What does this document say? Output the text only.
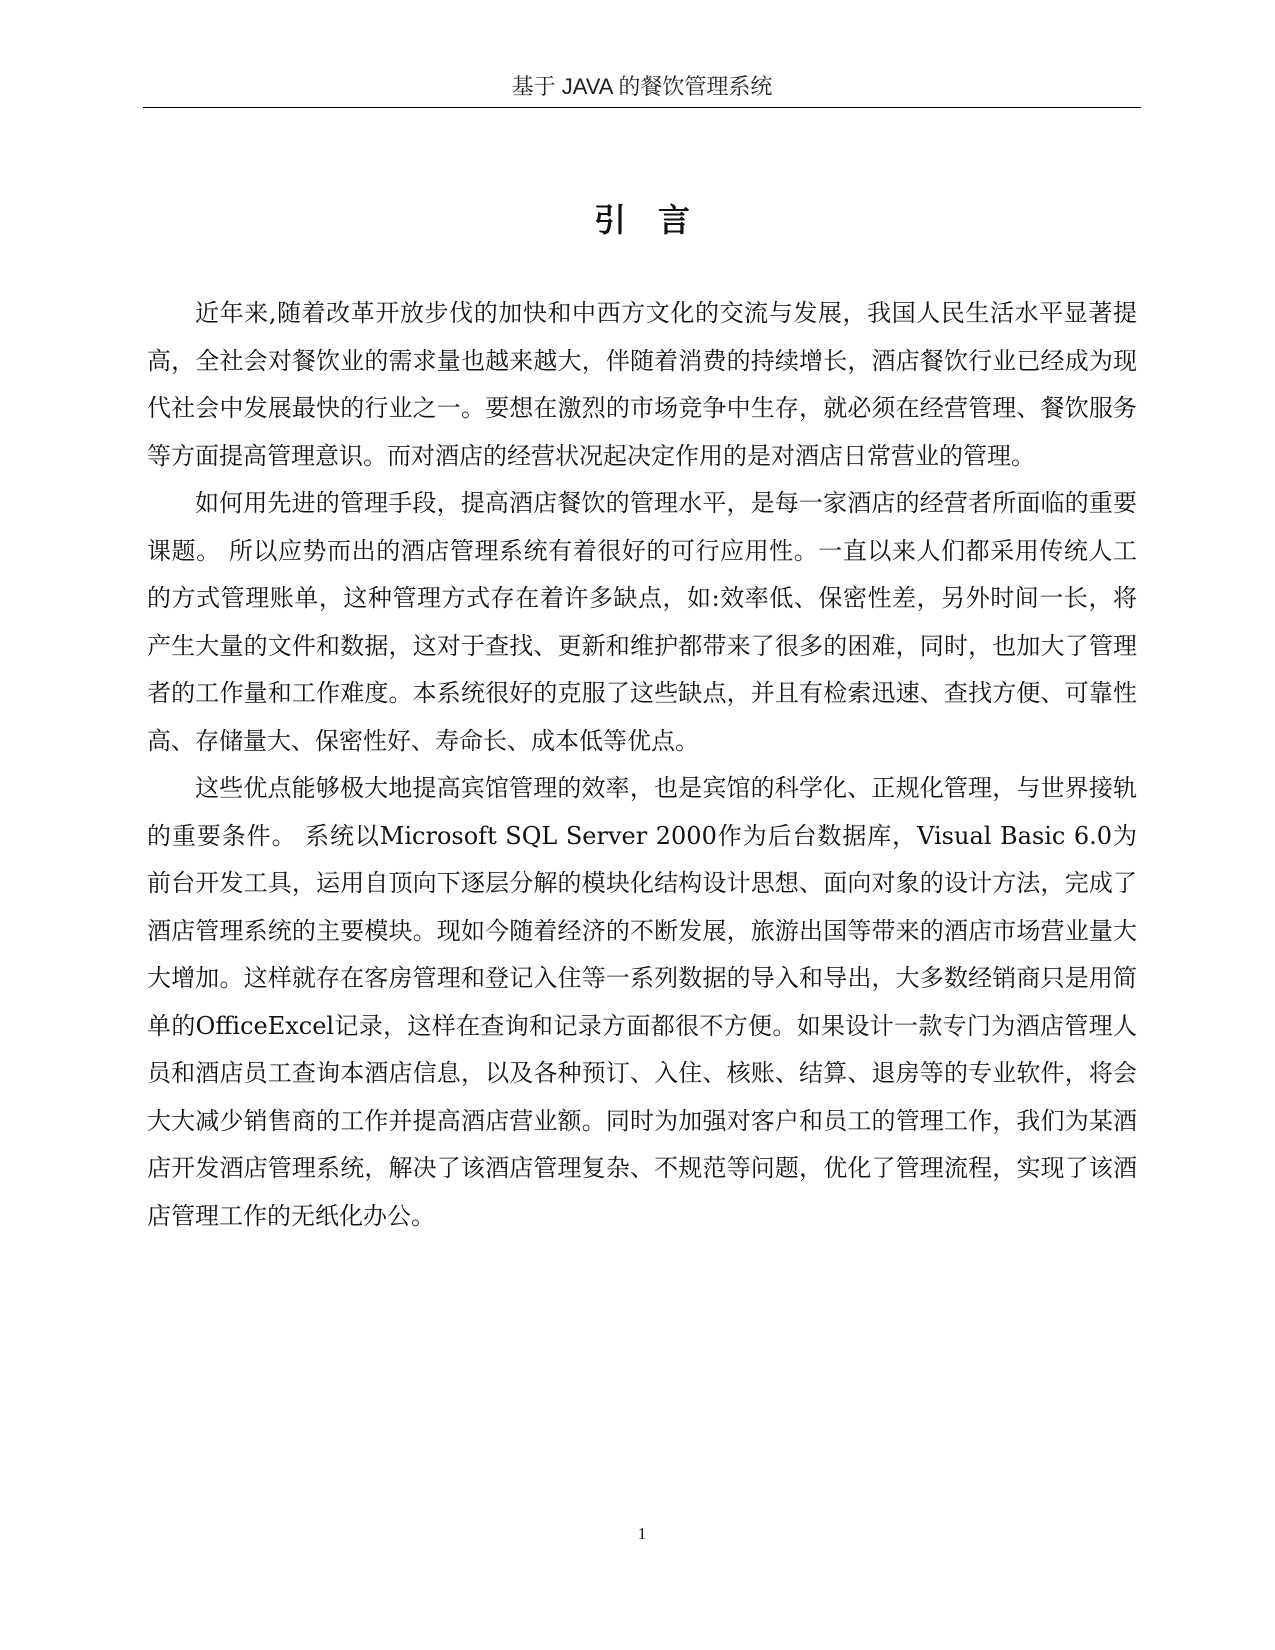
基于 JAVA 的餐饮管理系统
引言

近年来,随着改革开放步伐的加快和中西方文化的交流与发展，我国人民生活水平显著提高，全社会对餐饮业的需求量也越来越大，伴随着消费的持续增长，酒店餐饮行业已经成为现代社会中发展最快的行业之一。要想在激烈的市场竞争中生存，就必须在经营管理、餐饮服务等方面提高管理意识。而对酒店的经营状况起决定作用的是对酒店日常营业的管理。

如何用先进的管理手段，提高酒店餐饮的管理水平，是每一家酒店的经营者所面临的重要课题。 所以应势而出的酒店管理系统有着很好的可行应用性。一直以来人们都采用传统人工的方式管理账单，这种管理方式存在着许多缺点，如:效率低、保密性差，另外时间一长，将产生大量的文件和数据，这对于查找、更新和维护都带来了很多的困难，同时，也加大了管理者的工作量和工作难度。本系统很好的克服了这些缺点，并且有检索迅速、查找方便、可靠性高、存储量大、保密性好、寿命长、成本低等优点。

这些优点能够极大地提高宾馆管理的效率，也是宾馆的科学化、正规化管理，与世界接轨的重要条件。 系统以Microsoft SQL Server 2000作为后台数据库，Visual Basic 6.0为前台开发工具，运用自顶向下逐层分解的模块化结构设计思想、面向对象的设计方法，完成了酒店管理系统的主要模块。现如今随着经济的不断发展，旅游出国等带来的酒店市场营业量大大增加。这样就存在客房管理和登记入住等一系列数据的导入和导出，大多数经销商只是用简单的OfficeExcel记录，这样在查询和记录方面都很不方便。如果设计一款专门为酒店管理人员和酒店员工查询本酒店信息，以及各种预订、入住、核账、结算、退房等的专业软件，将会大大减少销售商的工作并提高酒店营业额。同时为加强对客户和员工的管理工作，我们为某酒店开发酒店管理系统，解决了该酒店管理复杂、不规范等问题，优化了管理流程，实现了该酒店管理工作的无纸化办公。

1
